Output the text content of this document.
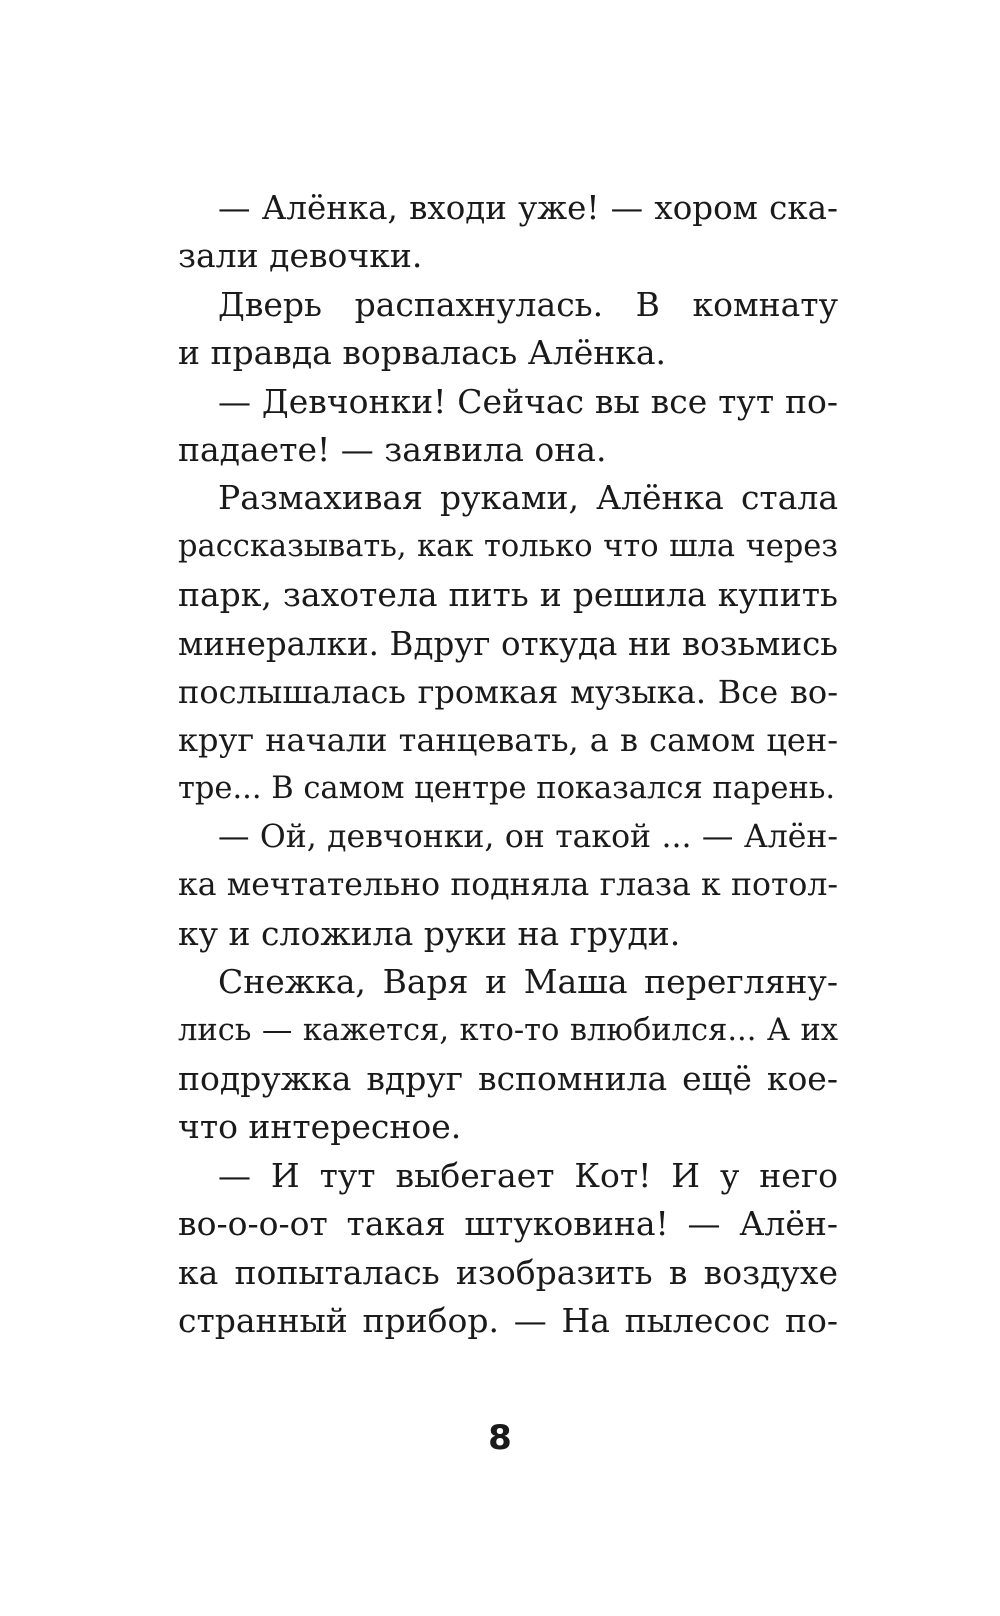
— Алёнка, входи уже! — хором ска-
зали девочки.
Дверь распахнулась. В комнату
и правда ворвалась Алёнка.
— Девчонки! Сейчас вы все тут по-
падаете! — заявила она.
Размахивая руками, Алёнка стала
рассказывать, как только что шла через
парк, захотела пить и решила купить
минералки. Вдруг откуда ни возьмись
послышалась громкая музыка. Все во-
круг начали танцевать, а в самом цен-
тре... В самом центре показался парень.
— Ой, девчонки, он такой ... — Алён-
ка мечтательно подняла глаза к потол-
ку и сложила руки на груди.
Снежка, Варя и Маша перегляну-
лись — кажется, кто-то влюбился... А их
подружка вдруг вспомнила ещё кое-
что интересное.
— И тут выбегает Кот! И у него
во-о-о-от такая штуковина! — Алён-
ка попыталась изобразить в воздухе
странный прибор. — На пылесос по-
8
